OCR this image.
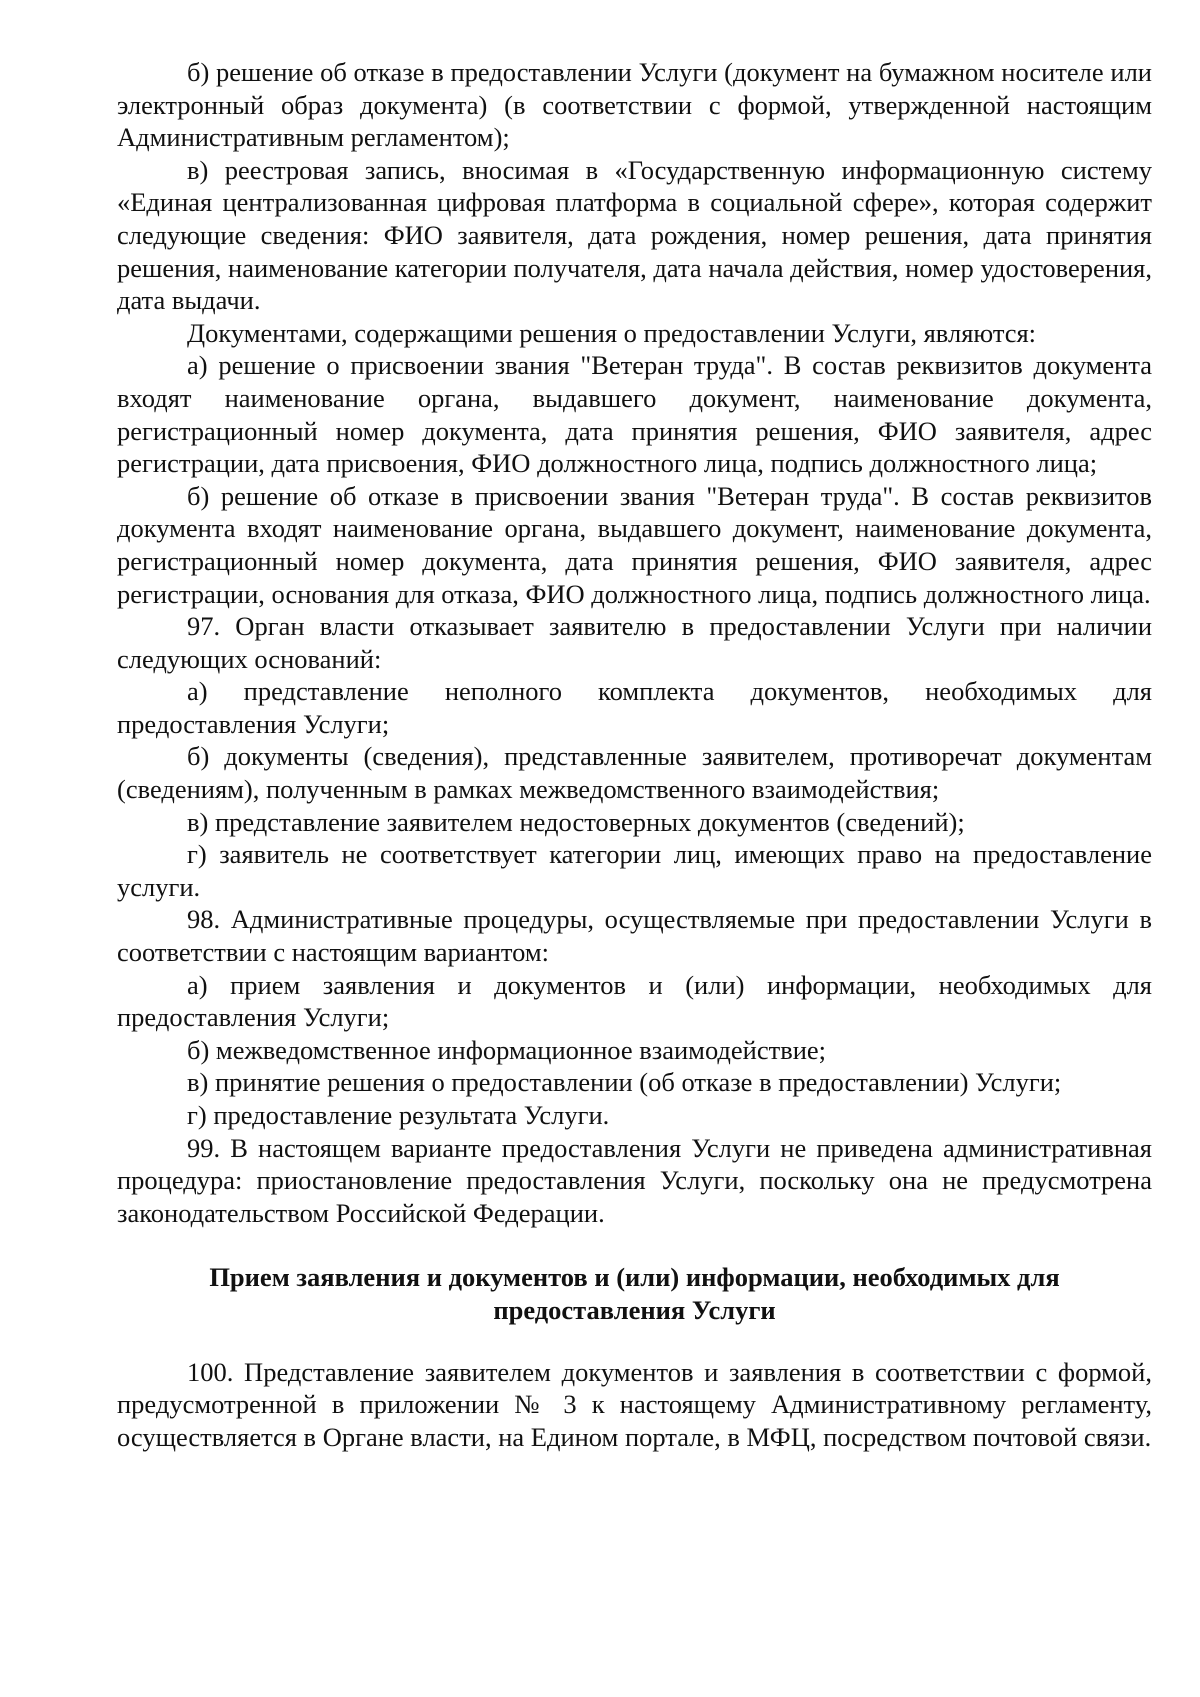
б) решение об отказе в предоставлении Услуги (документ на бумажном носителе или электронный образ документа) (в соответствии с формой, утвержденной настоящим Административным регламентом);

в) реестровая запись, вносимая в «Государственную информационную систему «Единая централизованная цифровая платформа в социальной сфере», которая содержит следующие сведения: ФИО заявителя, дата рождения, номер решения, дата принятия решения, наименование категории получателя, дата начала действия, номер удостоверения, дата выдачи.

Документами, содержащими решения о предоставлении Услуги, являются:

а) решение о присвоении звания "Ветеран труда". В состав реквизитов документа входят наименование органа, выдавшего документ, наименование документа, регистрационный номер документа, дата принятия решения, ФИО заявителя, адрес регистрации, дата присвоения, ФИО должностного лица, подпись должностного лица;

б) решение об отказе в присвоении звания "Ветеран труда". В состав реквизитов документа входят наименование органа, выдавшего документ, наименование документа, регистрационный номер документа, дата принятия решения, ФИО заявителя, адрес регистрации, основания для отказа, ФИО должностного лица, подпись должностного лица.

97. Орган власти отказывает заявителю в предоставлении Услуги при наличии следующих оснований:

а) представление неполного комплекта документов, необходимых для предоставления Услуги;

б) документы (сведения), представленные заявителем, противоречат документам (сведениям), полученным в рамках межведомственного взаимодействия;

в) представление заявителем недостоверных документов (сведений);

г) заявитель не соответствует категории лиц, имеющих право на предоставление услуги.

98. Административные процедуры, осуществляемые при предоставлении Услуги в соответствии с настоящим вариантом:

а) прием заявления и документов и (или) информации, необходимых для предоставления Услуги;

б) межведомственное информационное взаимодействие;

в) принятие решения о предоставлении (об отказе в предоставлении) Услуги;

г) предоставление результата Услуги.

99. В настоящем варианте предоставления Услуги не приведена административная процедура: приостановление предоставления Услуги, поскольку она не предусмотрена законодательством Российской Федерации.

Прием заявления и документов и (или) информации, необходимых для
предоставления Услуги

100. Представление заявителем документов и заявления в соответствии с формой, предусмотренной в приложении № 3 к настоящему Административному регламенту, осуществляется в Органе власти, на Едином портале, в МФЦ, посредством почтовой связи.
